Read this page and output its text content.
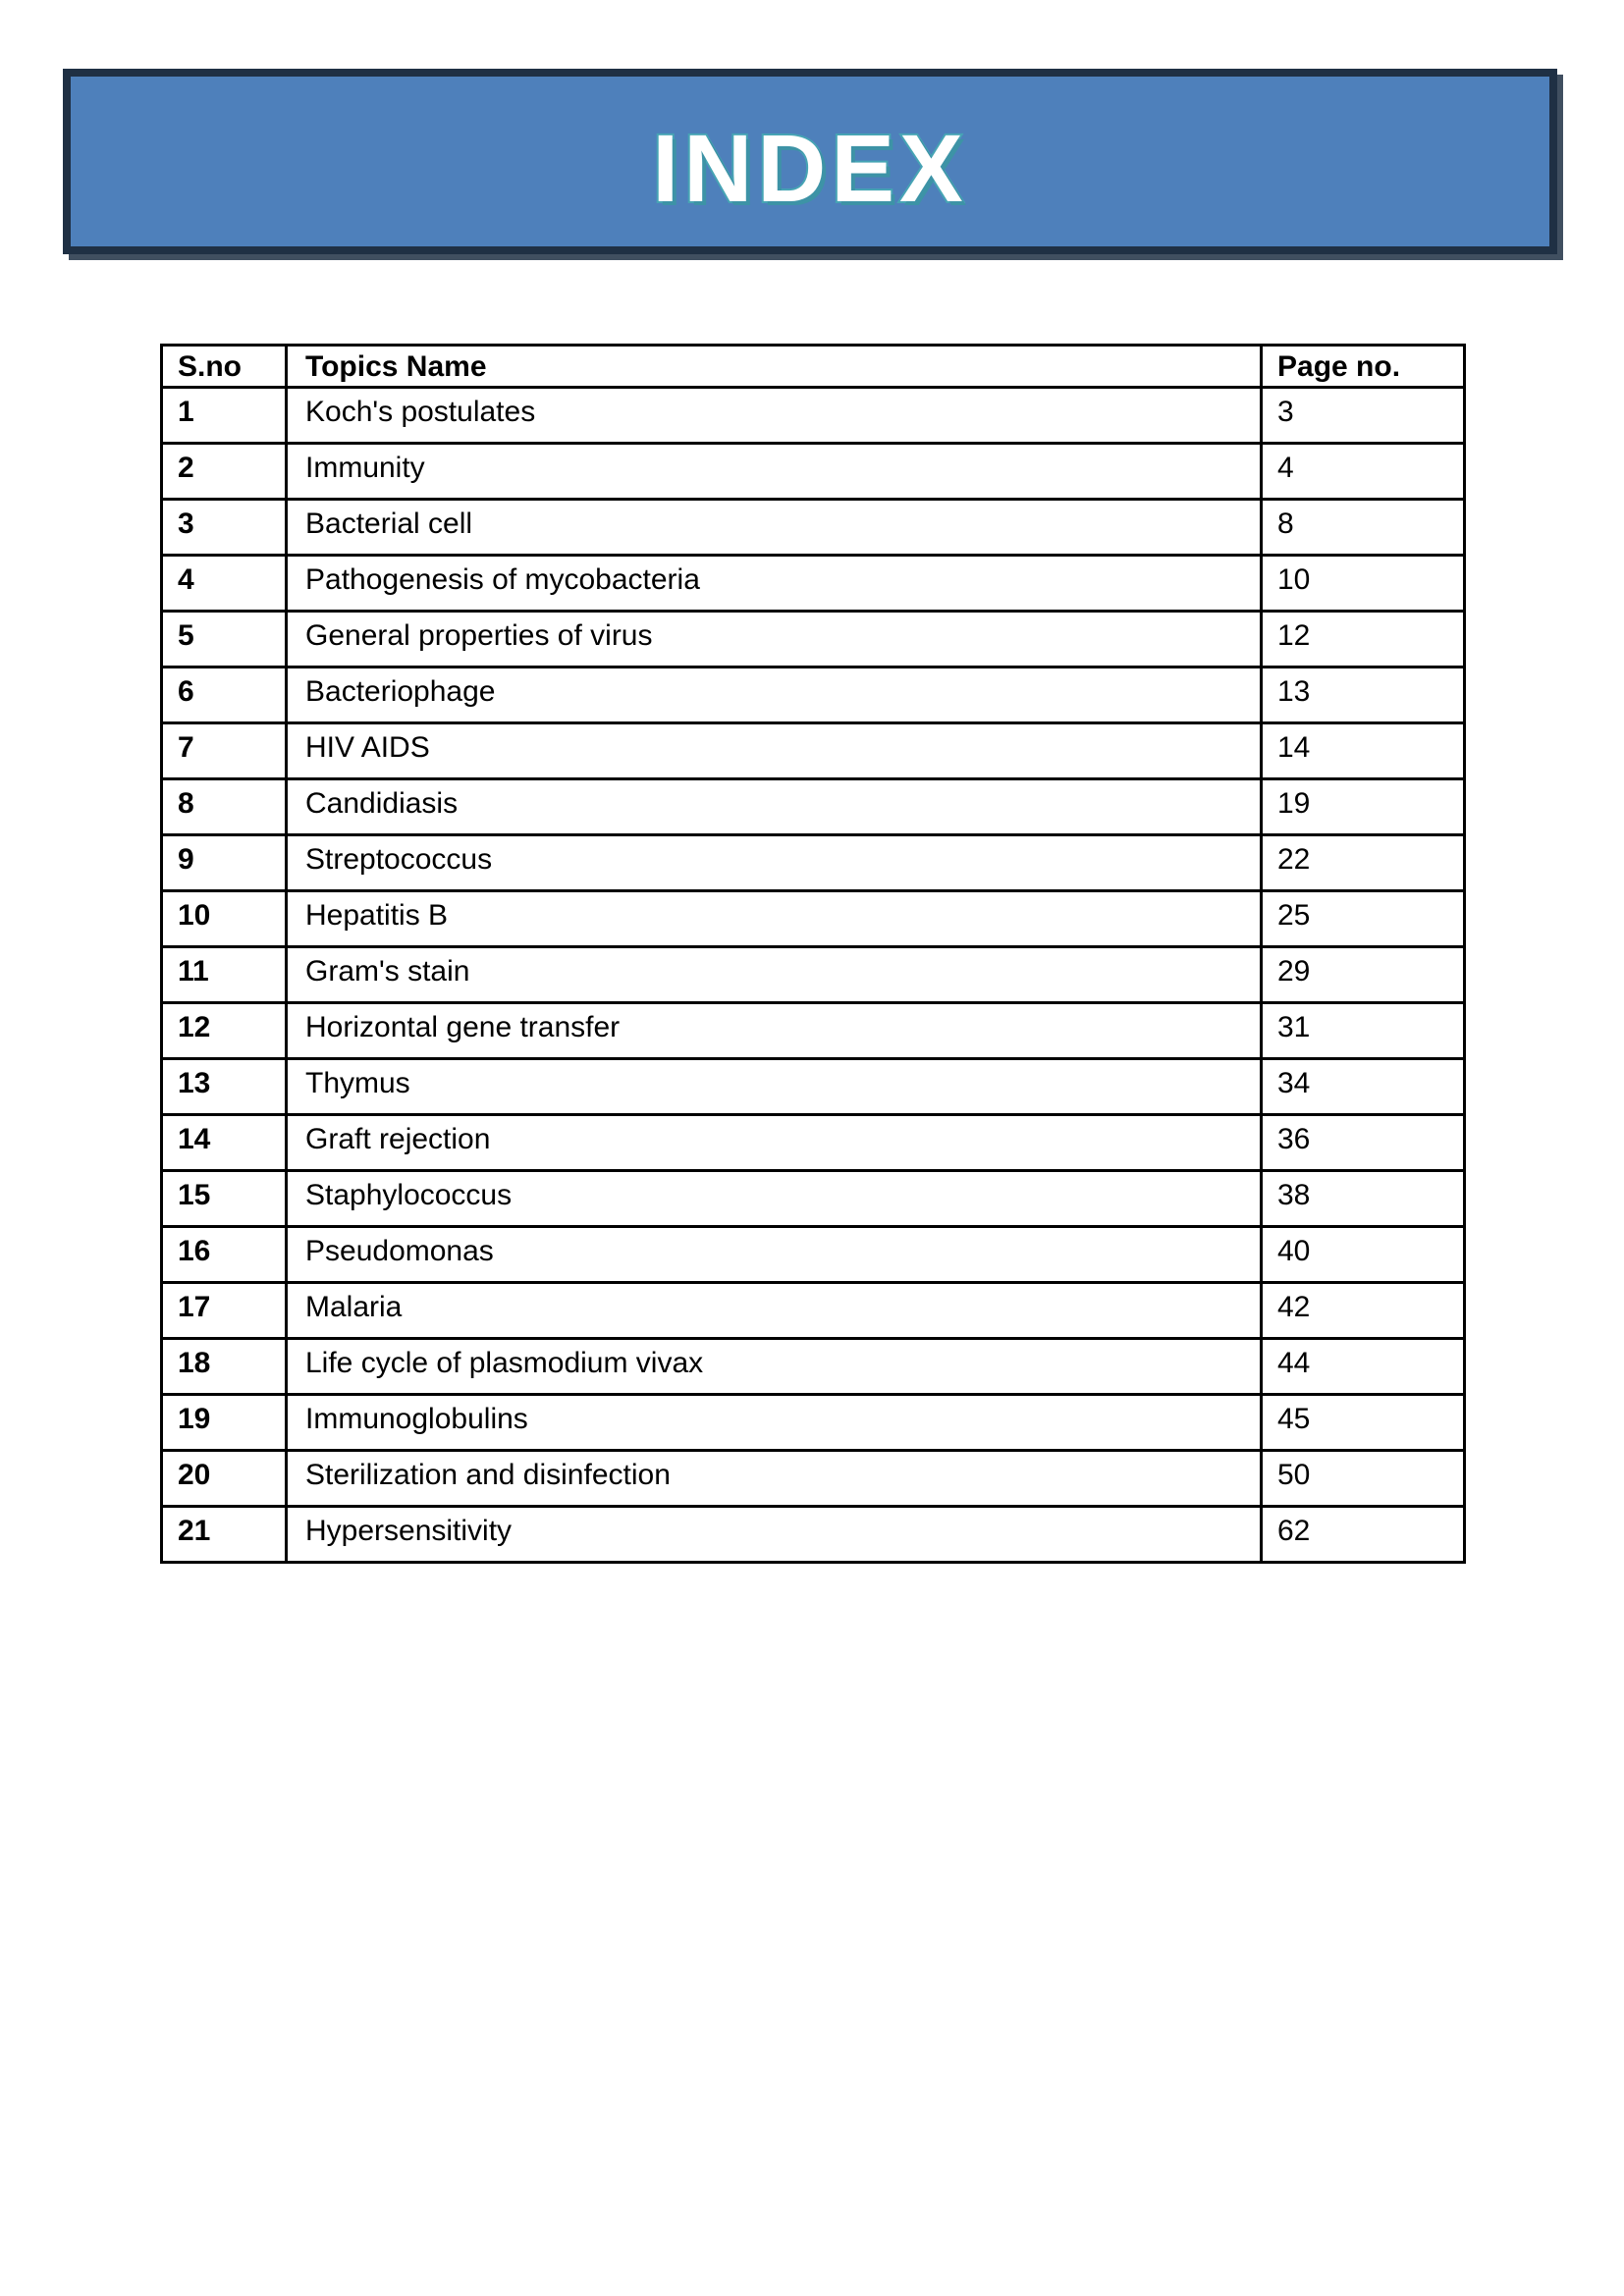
INDEX
S.no	Topics Name	Page no.
1	Koch's postulates	3
2	Immunity	4
3	Bacterial cell	8
4	Pathogenesis of mycobacteria	10
5	General properties of virus	12
6	Bacteriophage	13
7	HIV AIDS	14
8	Candidiasis	19
9	Streptococcus	22
10	Hepatitis B	25
11	Gram's stain	29
12	Horizontal gene transfer	31
13	Thymus	34
14	Graft rejection	36
15	Staphylococcus	38
16	Pseudomonas	40
17	Malaria	42
18	Life cycle of plasmodium vivax	44
19	Immunoglobulins	45
20	Sterilization and disinfection	50
21	Hypersensitivity	62
